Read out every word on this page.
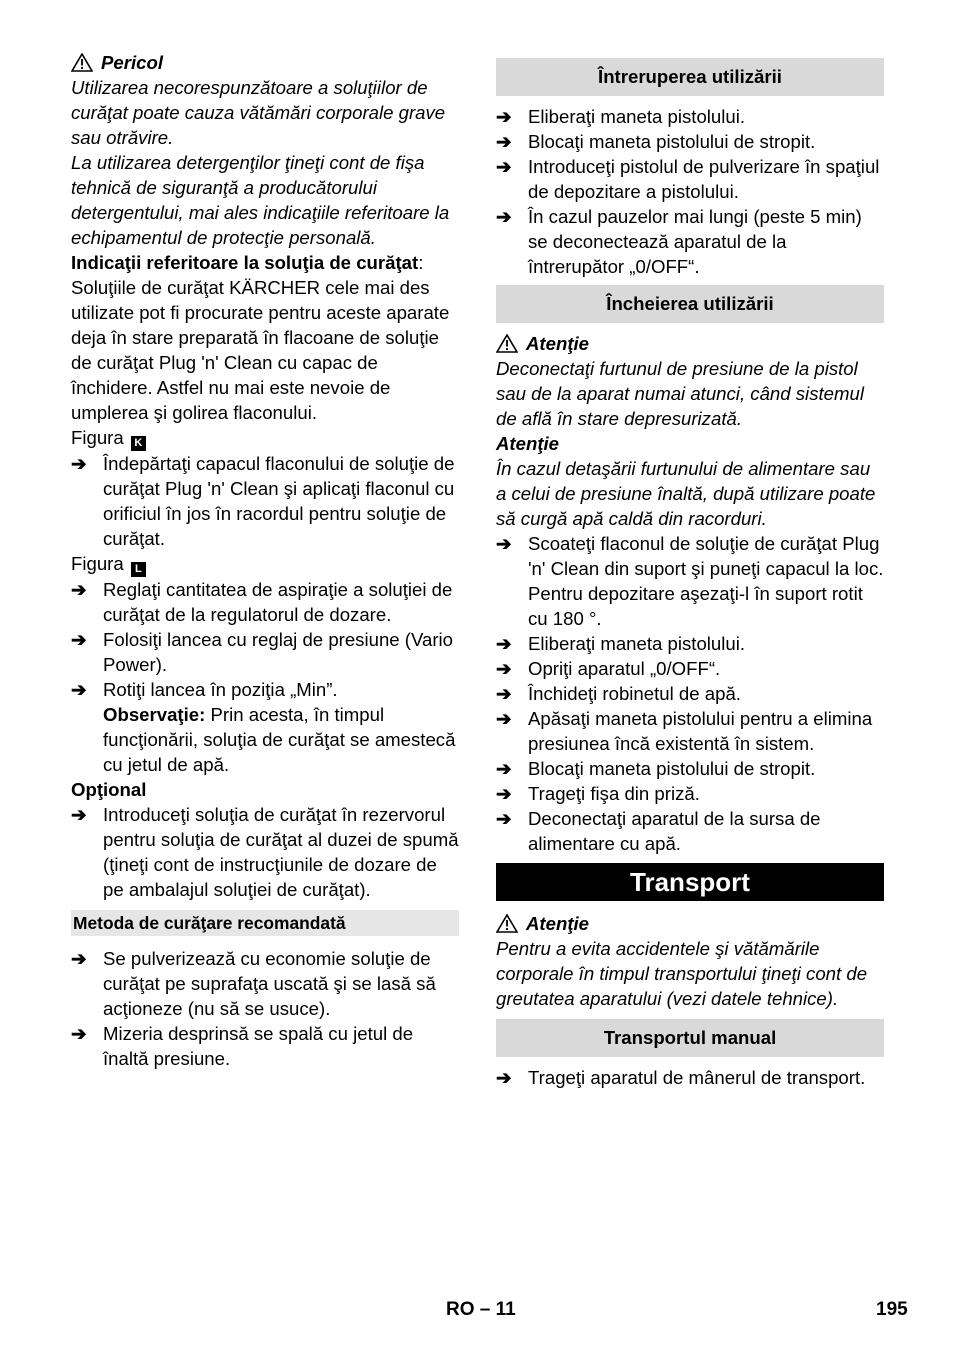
Pericol

Utilizarea necorespunzătoare a soluţiilor de curăţat poate cauza vătămări corporale grave sau otrăvire.

La utilizarea detergenţilor ţineţi cont de fişa tehnică de siguranţă a producătorului detergentului, mai ales indicaţiile referitoare la echipamentul de protecţie personală.

Indicaţii referitoare la soluţia de curăţat:

Soluţiile de curăţat KÄRCHER cele mai des utilizate pot fi procurate pentru aceste aparate deja în stare preparată în flacoane de soluţie de curăţat Plug 'n' Clean cu capac de închidere. Astfel nu mai este nevoie de umplerea şi golirea flaconului.

Figura K

➔ Îndepărtaţi capacul flaconului de soluţie de curăţat Plug 'n' Clean şi aplicaţi flaconul cu orificiul în jos în racordul pentru soluţie de curăţat.

Figura L

➔ Reglaţi cantitatea de aspiraţie a soluţiei de curăţat de la regulatorul de dozare.
➔ Folosiţi lancea cu reglaj de presiune (Vario Power).
➔ Rotiţi lancea în poziţia „Min”.
Observaţie: Prin acesta, în timpul funcţionării, soluţia de curăţat se amestecă cu jetul de apă.

Opţional

➔ Introduceţi soluţia de curăţat în rezervorul pentru soluţia de curăţat al duzei de spumă (ţineţi cont de instrucţiunile de dozare de pe ambalajul soluţiei de curăţat).
Metoda de curăţare recomandată
➔ Se pulverizează cu economie soluţie de curăţat pe suprafaţa uscată şi se lasă să acţioneze (nu să se usuce).
➔ Mizeria desprinsă se spală cu jetul de înaltă presiune.
Întreruperea utilizării
➔ Eliberaţi maneta pistolului.
➔ Blocaţi maneta pistolului de stropit.
➔ Introduceţi pistolul de pulverizare în spaţiul de depozitare a pistolului.
➔ În cazul pauzelor mai lungi (peste 5 min) se deconectează aparatul de la întrerupător „0/OFF“.
Încheierea utilizării
Atenţie

Deconectaţi furtunul de presiune de la pistol sau de la aparat numai atunci, când sistemul de află în stare depresurizată.

Atenţie

În cazul detaşării furtunului de alimentare sau a celui de presiune înaltă, după utilizare poate să curgă apă caldă din racorduri.

➔ Scoateţi flaconul de soluţie de curăţat Plug 'n' Clean din suport şi puneţi capacul la loc. Pentru depozitare aşezaţi-l în suport rotit cu 180 °.
➔ Eliberaţi maneta pistolului.
➔ Opriţi aparatul „0/OFF“.
➔ Închideţi robinetul de apă.
➔ Apăsaţi maneta pistolului pentru a elimina presiunea încă existentă în sistem.
➔ Blocaţi maneta pistolului de stropit.
➔ Trageţi fişa din priză.
➔ Deconectaţi aparatul de la sursa de alimentare cu apă.
Transport
Atenţie

Pentru a evita accidentele şi vătămările corporale în timpul transportului ţineţi cont de greutatea aparatului (vezi datele tehnice).

Transportul manual
➔ Trageţi aparatul de mânerul de transport.
RO – 11	195
